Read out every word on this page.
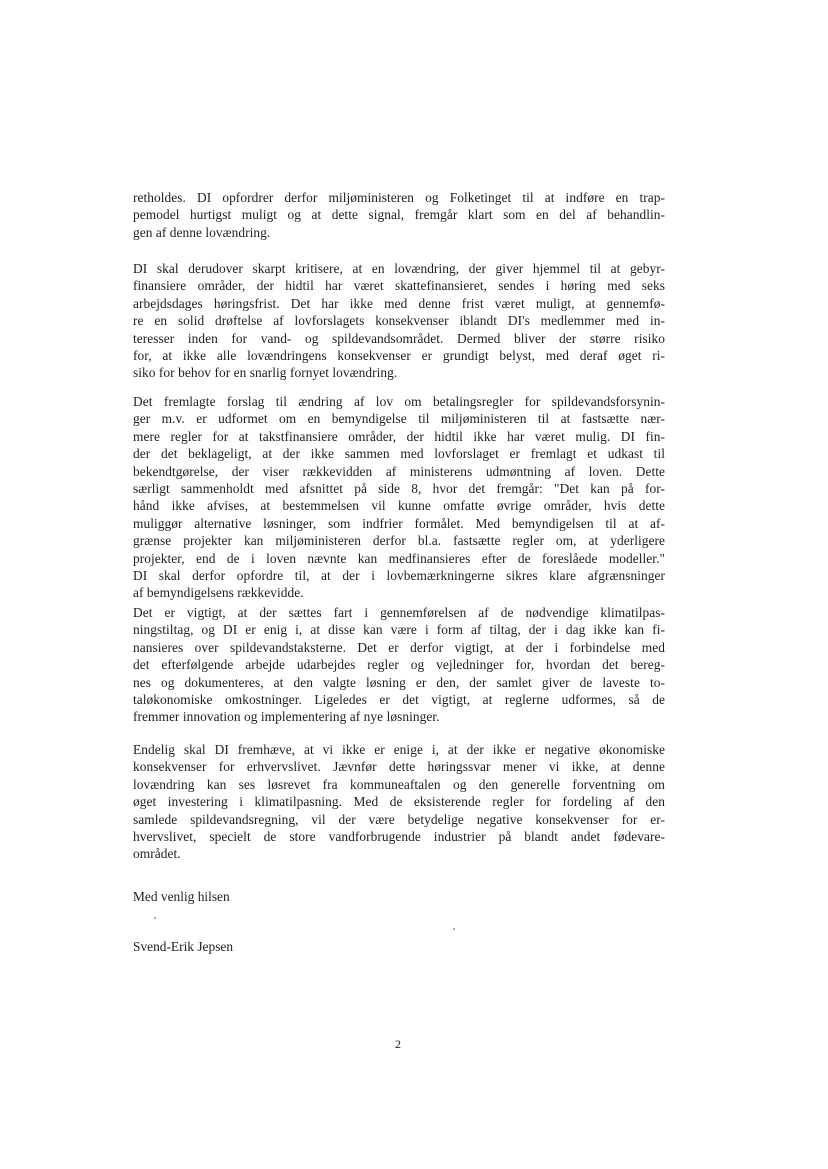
retholdes. DI opfordrer derfor miljøministeren og Folketinget til at indføre en trap-
pemodel hurtigst muligt og at dette signal, fremgår klart som en del af behandlin-
gen af denne lovændring.
DI skal derudover skarpt kritisere, at en lovændring, der giver hjemmel til at gebyr-
finansiere områder, der hidtil har været skattefinansieret, sendes i høring med seks
arbejdsdages høringsfrist. Det har ikke med denne frist været muligt, at gennemfø-
re en solid drøftelse af lovforslagets konsekvenser iblandt DI's medlemmer med in-
teresser inden for vand- og spildevandsområdet. Dermed bliver der større risiko
for, at ikke alle lovændringens konsekvenser er grundigt belyst, med deraf øget ri-
siko for behov for en snarlig fornyet lovændring.
Det fremlagte forslag til ændring af lov om betalingsregler for spildevandsforsynin-
ger m.v. er udformet om en bemyndigelse til miljøministeren til at fastsætte nær-
mere regler for at takstfinansiere områder, der hidtil ikke har været mulig. DI fin-
der det beklageligt, at der ikke sammen med lovforslaget er fremlagt et udkast til
bekendtgørelse, der viser rækkevidden af ministerens udmøntning af loven. Dette
særligt sammenholdt med afsnittet på side 8, hvor det fremgår: "Det kan på for-
hånd ikke afvises, at bestemmelsen vil kunne omfatte øvrige områder, hvis dette
muliggør alternative løsninger, som indfrier formålet. Med bemyndigelsen til at af-
grænse projekter kan miljøministeren derfor bl.a. fastsætte regler om, at yderligere
projekter, end de i loven nævnte kan medfinansieres efter de foreslåede modeller."
DI skal derfor opfordre til, at der i lovbemærkningerne sikres klare afgrænsninger
af bemyndigelsens rækkevidde.
Det er vigtigt, at der sættes fart i gennemførelsen af de nødvendige klimatilpas-
ningstiltag, og DI er enig i, at disse kan være i form af tiltag, der i dag ikke kan fi-
nansieres over spildevandstaksterne. Det er derfor vigtigt, at der i forbindelse med
det efterfølgende arbejde udarbejdes regler og vejledninger for, hvordan det bereg-
nes og dokumenteres, at den valgte løsning er den, der samlet giver de laveste to-
taløkonomiske omkostninger. Ligeledes er det vigtigt, at reglerne udformes, så de
fremmer innovation og implementering af nye løsninger.
Endelig skal DI fremhæve, at vi ikke er enige i, at der ikke er negative økonomiske
konsekvenser for erhvervslivet. Jævnfør dette høringssvar mener vi ikke, at denne
lovændring kan ses løsrevet fra kommuneaftalen og den generelle forventning om
øget investering i klimatilpasning. Med de eksisterende regler for fordeling af den
samlede spildevandsregning, vil der være betydelige negative konsekvenser for er-
hvervslivet, specielt de store vandforbrugende industrier på blandt andet fødevare-
området.
Med venlig hilsen
Svend-Erik Jepsen
2
